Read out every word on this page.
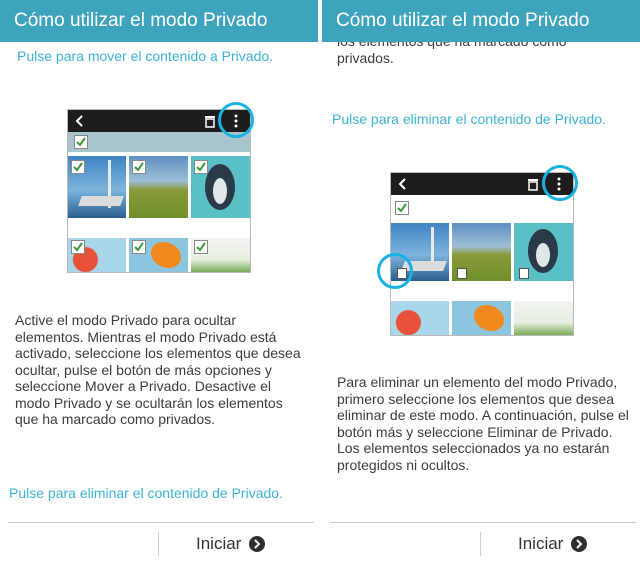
Cómo utilizar el modo Privado
Pulse para mover el contenido a Privado.
Active el modo Privado para ocultar elementos. Mientras el modo Privado está activado, seleccione los elementos que desea ocultar, pulse el botón de más opciones y seleccione Mover a Privado. Desactive el modo Privado y se ocultarán los elementos que ha marcado como privados.
Pulse para eliminar el contenido de Privado.
Iniciar
privados.
Cómo utilizar el modo Privado
Pulse para eliminar el contenido de Privado.
Para eliminar un elemento del modo Privado, primero seleccione los elementos que desea eliminar de este modo. A continuación, pulse el botón más y seleccione Eliminar de Privado. Los elementos seleccionados ya no estarán protegidos ni ocultos.
Iniciar
